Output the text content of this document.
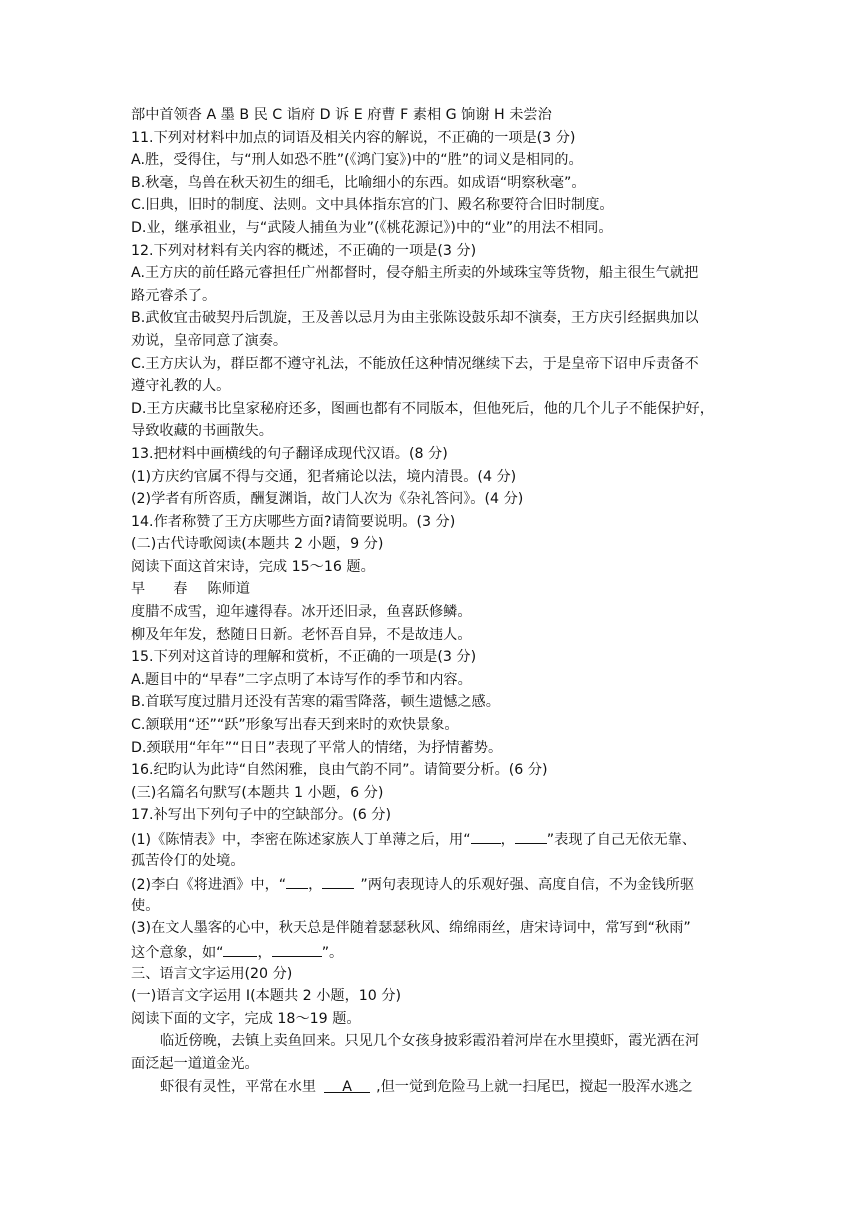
部中首领沓 A 墨 B 民 C 诣府 D 诉 E 府曹 F 素相 G 饷谢 H 未尝治
11.下列对材料中加点的词语及相关内容的解说，不正确的一项是(3 分)
A.胜，受得住，与“刑人如恐不胜”(《鸿门宴》)中的“胜”的词义是相同的。
B.秋毫，鸟兽在秋天初生的细毛，比喻细小的东西。如成语“明察秋毫”。
C.旧典，旧时的制度、法则。文中具体指东宫的门、殿名称要符合旧时制度。
D.业，继承祖业，与“武陵人捕鱼为业”(《桃花源记》)中的“业”的用法不相同。
12.下列对材料有关内容的概述，不正确的一项是(3 分)
A.王方庆的前任路元睿担任广州都督时，侵夺船主所卖的外域珠宝等货物，船主很生气就把
路元睿杀了。
B.武攸宜击破契丹后凯旋，王及善以忌月为由主张陈设鼓乐却不演奏，王方庆引经据典加以
劝说，皇帝同意了演奏。
C.王方庆认为，群臣都不遵守礼法，不能放任这种情况继续下去，于是皇帝下诏申斥责备不
遵守礼教的人。
D.王方庆藏书比皇家秘府还多，图画也都有不同版本，但他死后，他的几个儿子不能保护好，
导致收藏的书画散失。
13.把材料中画横线的句子翻译成现代汉语。(8 分)
(1)方庆约官属不得与交通，犯者痛论以法，境内清畏。(4 分)
(2)学者有所咨质，酬复渊诣，故门人次为《杂礼答问》。(4 分)
14.作者称赞了王方庆哪些方面?请简要说明。(3 分)
(二)古代诗歌阅读(本题共 2 小题，9 分)
阅读下面这首宋诗，完成 15～16 题。
早 春 陈师道
度腊不成雪，迎年遽得春。冰开还旧录，鱼喜跃修鳞。
柳及年年发，愁随日日新。老怀吾自异，不是故违人。
15.下列对这首诗的理解和赏析，不正确的一项是(3 分)
A.题目中的“早春”二字点明了本诗写作的季节和内容。
B.首联写度过腊月还没有苦寒的霜雪降落，顿生遗憾之感。
C.颔联用“还”“跃”形象写出春天到来时的欢快景象。
D.颈联用“年年”“日日”表现了平常人的情绪，为抒情蓄势。
16.纪昀认为此诗“自然闲雅，良由气韵不同”。请简要分析。(6 分)
(三)名篇名句默写(本题共 1 小题，6 分)
17.补写出下列句子中的空缺部分。(6 分)
(1)《陈情表》中，李密在陈述家族人丁单薄之后，用“ ， ”表现了自己无依无靠、
孤苦伶仃的处境。
(2)李白《将进酒》中，“ ，	”两句表现诗人的乐观好强、高度自信，不为金钱所驱
使。
(3)在文人墨客的心中，秋天总是伴随着瑟瑟秋风、绵绵雨丝，唐宋诗词中，常写到“秋雨”
这个意象，如“ ，	”。
三、语言文字运用(20 分)
(一)语言文字运用 I(本题共 2 小题，10 分)
阅读下面的文字，完成 18～19 题。
临近傍晚，去镇上卖鱼回来。只见几个女孩身披彩霞沿着河岸在水里摸虾，霞光洒在河
面泛起一道道金光。
虾很有灵性，平常在水里 A ,但一觉到危险马上就一扫尾巴，搅起一股浑水逃之
